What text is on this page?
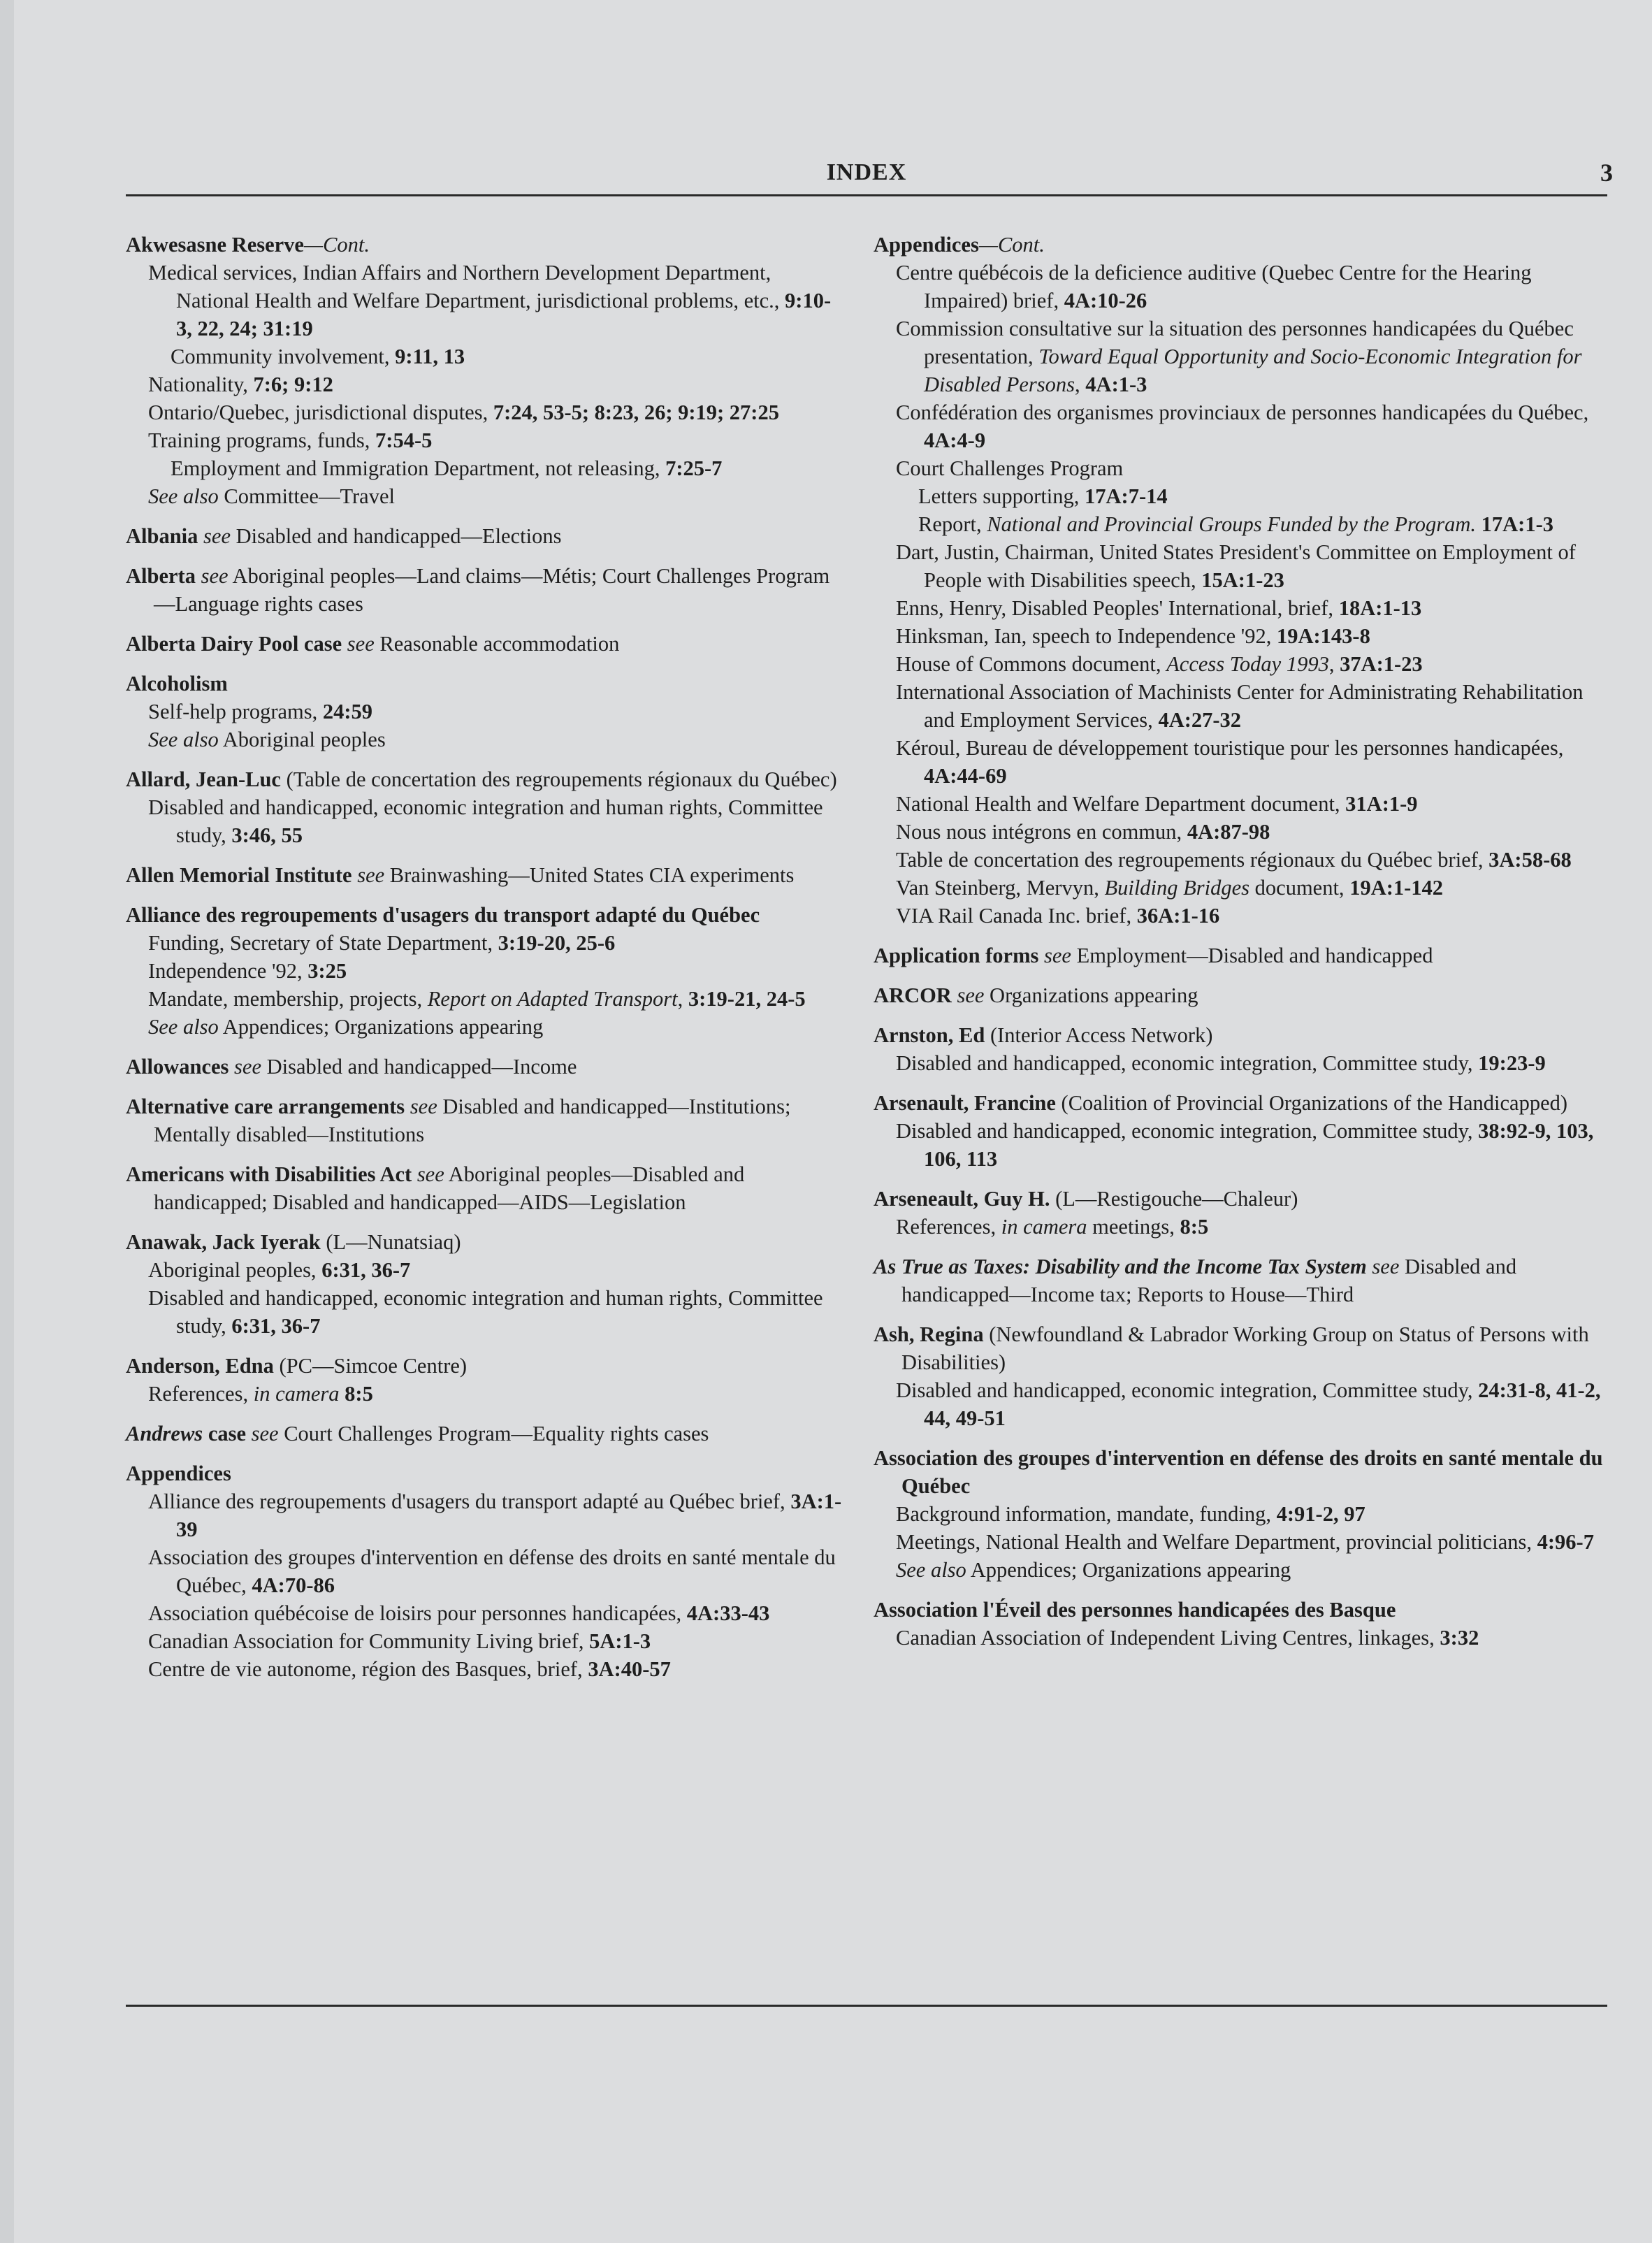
INDEX	3
Akwesasne Reserve—Cont.
Medical services, Indian Affairs and Northern Development Department, National Health and Welfare Department, jurisdictional problems, etc., 9:10-3, 22, 24; 31:19
Community involvement, 9:11, 13
Nationality, 7:6; 9:12
Ontario/Quebec, jurisdictional disputes, 7:24, 53-5; 8:23, 26; 9:19; 27:25
Training programs, funds, 7:54-5
Employment and Immigration Department, not releasing, 7:25-7
See also Committee—Travel
Albania see Disabled and handicapped—Elections
Alberta see Aboriginal peoples—Land claims—Métis; Court Challenges Program—Language rights cases
Alberta Dairy Pool case see Reasonable accommodation
Alcoholism
Self-help programs, 24:59
See also Aboriginal peoples
Allard, Jean-Luc (Table de concertation des regroupements régionaux du Québec)
Disabled and handicapped, economic integration and human rights, Committee study, 3:46, 55
Allen Memorial Institute see Brainwashing—United States CIA experiments
Alliance des regroupements d'usagers du transport adapté du Québec
Funding, Secretary of State Department, 3:19-20, 25-6
Independence '92, 3:25
Mandate, membership, projects, Report on Adapted Transport, 3:19-21, 24-5
See also Appendices; Organizations appearing
Allowances see Disabled and handicapped—Income
Alternative care arrangements see Disabled and handicapped—Institutions; Mentally disabled—Institutions
Americans with Disabilities Act see Aboriginal peoples—Disabled and handicapped; Disabled and handicapped—AIDS—Legislation
Anawak, Jack Iyerak (L—Nunatsiaq)
Aboriginal peoples, 6:31, 36-7
Disabled and handicapped, economic integration and human rights, Committee study, 6:31, 36-7
Anderson, Edna (PC—Simcoe Centre)
References, in camera 8:5
Andrews case see Court Challenges Program—Equality rights cases
Appendices
Alliance des regroupements d'usagers du transport adapté au Québec brief, 3A:1-39
Association des groupes d'intervention en défense des droits en santé mentale du Québec, 4A:70-86
Association québécoise de loisirs pour personnes handicapées, 4A:33-43
Canadian Association for Community Living brief, 5A:1-3
Centre de vie autonome, région des Basques, brief, 3A:40-57
Appendices—Cont.
Centre québécois de la deficience auditive (Quebec Centre for the Hearing Impaired) brief, 4A:10-26
Commission consultative sur la situation des personnes handicapées du Québec presentation, Toward Equal Opportunity and Socio-Economic Integration for Disabled Persons, 4A:1-3
Confédération des organismes provinciaux de personnes handicapées du Québec, 4A:4-9
Court Challenges Program
Letters supporting, 17A:7-14
Report, National and Provincial Groups Funded by the Program. 17A:1-3
Dart, Justin, Chairman, United States President's Committee on Employment of People with Disabilities speech, 15A:1-23
Enns, Henry, Disabled Peoples' International, brief, 18A:1-13
Hinksman, Ian, speech to Independence '92, 19A:143-8
House of Commons document, Access Today 1993, 37A:1-23
International Association of Machinists Center for Administrating Rehabilitation and Employment Services, 4A:27-32
Kéroul, Bureau de développement touristique pour les personnes handicapées, 4A:44-69
National Health and Welfare Department document, 31A:1-9
Nous nous intégrons en commun, 4A:87-98
Table de concertation des regroupements régionaux du Québec brief, 3A:58-68
Van Steinberg, Mervyn, Building Bridges document, 19A:1-142
VIA Rail Canada Inc. brief, 36A:1-16
Application forms see Employment—Disabled and handicapped
ARCOR see Organizations appearing
Arnston, Ed (Interior Access Network)
Disabled and handicapped, economic integration, Committee study, 19:23-9
Arsenault, Francine (Coalition of Provincial Organizations of the Handicapped)
Disabled and handicapped, economic integration, Committee study, 38:92-9, 103, 106, 113
Arseneault, Guy H. (L—Restigouche—Chaleur)
References, in camera meetings, 8:5
As True as Taxes: Disability and the Income Tax System see Disabled and handicapped—Income tax; Reports to House—Third
Ash, Regina (Newfoundland & Labrador Working Group on Status of Persons with Disabilities)
Disabled and handicapped, economic integration, Committee study, 24:31-8, 41-2, 44, 49-51
Association des groupes d'intervention en défense des droits en santé mentale du Québec
Background information, mandate, funding, 4:91-2, 97
Meetings, National Health and Welfare Department, provincial politicians, 4:96-7
See also Appendices; Organizations appearing
Association l'Éveil des personnes handicapées des Basque
Canadian Association of Independent Living Centres, linkages, 3:32
